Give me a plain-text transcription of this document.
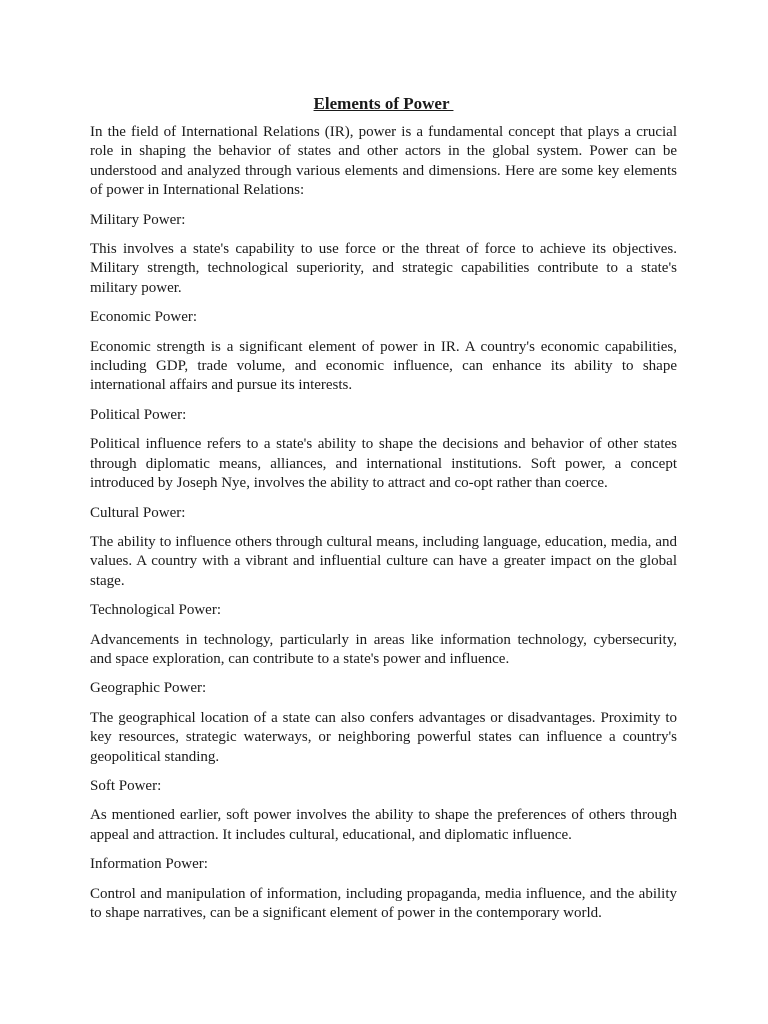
Elements of Power

In the field of International Relations (IR), power is a fundamental concept that plays a crucial role in shaping the behavior of states and other actors in the global system. Power can be understood and analyzed through various elements and dimensions. Here are some key elements of power in International Relations:

Military Power:

This involves a state's capability to use force or the threat of force to achieve its objectives. Military strength, technological superiority, and strategic capabilities contribute to a state's military power.

Economic Power:

Economic strength is a significant element of power in IR. A country's economic capabilities, including GDP, trade volume, and economic influence, can enhance its ability to shape international affairs and pursue its interests.

Political Power:

Political influence refers to a state's ability to shape the decisions and behavior of other states through diplomatic means, alliances, and international institutions. Soft power, a concept introduced by Joseph Nye, involves the ability to attract and co-opt rather than coerce.

Cultural Power:

The ability to influence others through cultural means, including language, education, media, and values. A country with a vibrant and influential culture can have a greater impact on the global stage.

Technological Power:

Advancements in technology, particularly in areas like information technology, cybersecurity, and space exploration, can contribute to a state's power and influence.

Geographic Power:

The geographical location of a state can also confers advantages or disadvantages. Proximity to key resources, strategic waterways, or neighboring powerful states can influence a country's geopolitical standing.

Soft Power:

As mentioned earlier, soft power involves the ability to shape the preferences of others through appeal and attraction. It includes cultural, educational, and diplomatic influence.

Information Power:

Control and manipulation of information, including propaganda, media influence, and the ability to shape narratives, can be a significant element of power in the contemporary world.
